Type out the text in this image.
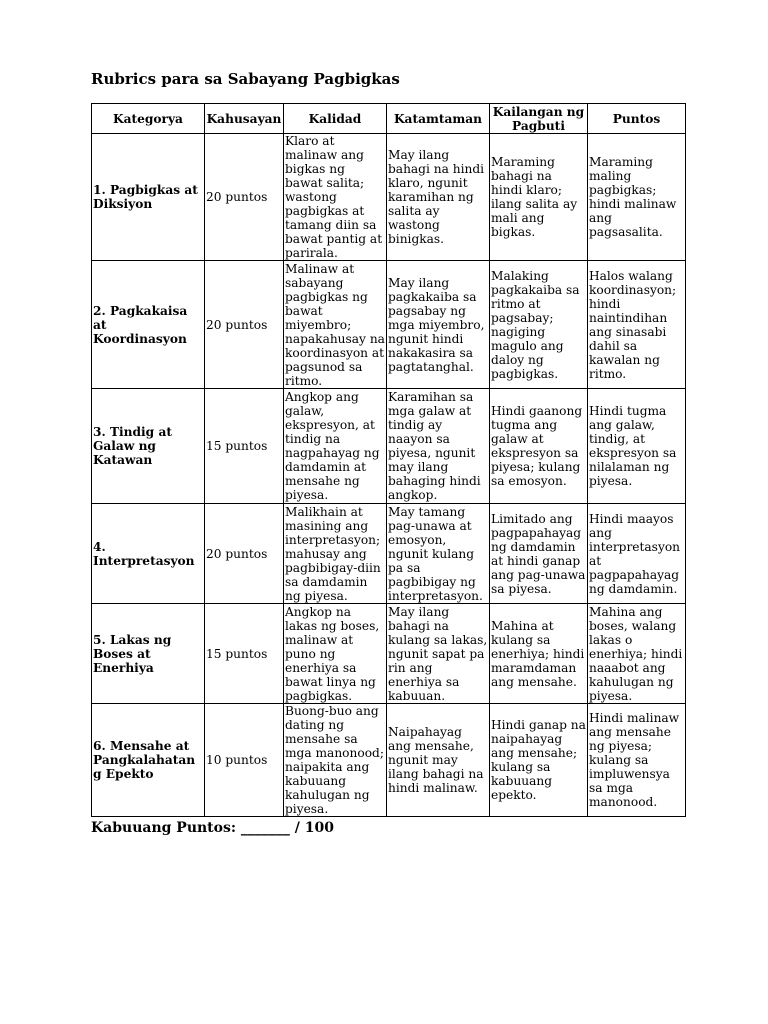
Rubrics para sa Sabayang Pagbigkas
Kategorya	Kahusayan	Kalidad	Katamtaman	Kailangan ng Pagbuti	Puntos
1. Pagbigkas at Diksiyon	20 puntos	Klaro at malinaw ang bigkas ng bawat salita; wastong pagbigkas at tamang diin sa bawat pantig at parirala.	May ilang bahagi na hindi klaro, ngunit karamihan ng salita ay wastong binigkas.	Maraming bahagi na hindi klaro; ilang salita ay mali ang bigkas.	Maraming maling pagbigkas; hindi malinaw ang pagsasalita.
2. Pagkakaisa at Koordinasyon	20 puntos	Malinaw at sabayang pagbigkas ng bawat miyembro; napakahusay na koordinasyon at pagsunod sa ritmo.	May ilang pagkakaiba sa pagsabay ng mga miyembro, ngunit hindi nakakasira sa pagtatanghal.	Malaking pagkakaiba sa ritmo at pagsabay; nagiging magulo ang daloy ng pagbigkas.	Halos walang koordinasyon; hindi naintindihan ang sinasabi dahil sa kawalan ng ritmo.
3. Tindig at Galaw ng Katawan	15 puntos	Angkop ang galaw, ekspresyon, at tindig na nagpahayag ng damdamin at mensahe ng piyesa.	Karamihan sa mga galaw at tindig ay naayon sa piyesa, ngunit may ilang bahaging hindi angkop.	Hindi gaanong tugma ang galaw at ekspresyon sa piyesa; kulang sa emosyon.	Hindi tugma ang galaw, tindig, at ekspresyon sa nilalaman ng piyesa.
4. Interpretasyon	20 puntos	Malikhain at masining ang interpretasyon; mahusay ang pagbibigay-diin sa damdamin ng piyesa.	May tamang pag-unawa at emosyon, ngunit kulang pa sa pagbibigay ng interpretasyon.	Limitado ang pagpapahayag ng damdamin at hindi ganap ang pag-unawa sa piyesa.	Hindi maayos ang interpretasyon at pagpapahayag ng damdamin.
5. Lakas ng Boses at Enerhiya	15 puntos	Angkop na lakas ng boses, malinaw at puno ng enerhiya sa bawat linya ng pagbigkas.	May ilang bahagi na kulang sa lakas, ngunit sapat pa rin ang enerhiya sa kabuuan.	Mahina at kulang sa enerhiya; hindi maramdaman ang mensahe.	Mahina ang boses, walang lakas o enerhiya; hindi naaabot ang kahulugan ng piyesa.
6. Mensahe at Pangkalahatang Epekto	10 puntos	Buong-buo ang dating ng mensahe sa mga manonood; naipakita ang kabuuang kahulugan ng piyesa.	Naipahayag ang mensahe, ngunit may ilang bahagi na hindi malinaw.	Hindi ganap na naipahayag ang mensahe; kulang sa kabuuang epekto.	Hindi malinaw ang mensahe ng piyesa; kulang sa impluwensya sa mga manonood.

Kabuuang Puntos: _______ / 100
